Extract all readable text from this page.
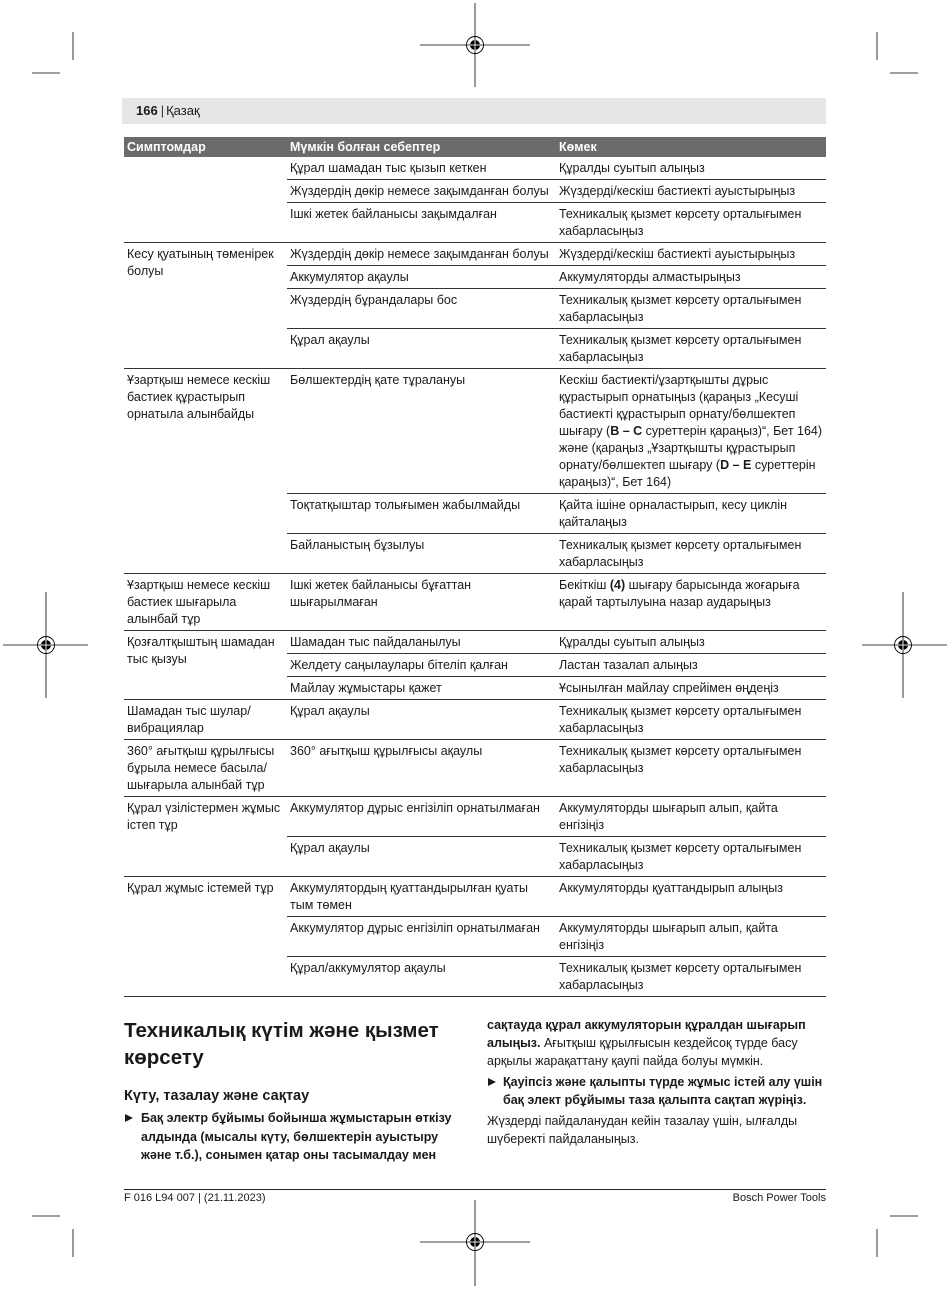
166 | Қазақ
Симптомдар	Мүмкін болған себептер	Көмек
	Құрал шамадан тыс қызып кеткен	Құралды суытып алыңыз
	Жүздердің дөкір немесе зақымданған болуы	Жүздерді/кескіш бастиекті ауыстырыңыз
	Ішкі жетек байланысы зақымдалған	Техникалық қызмет көрсету орталығымен хабарласыңыз
Кесу қуатының төменірек болуы	Жүздердің дөкір немесе зақымданған болуы	Жүздерді/кескіш бастиекті ауыстырыңыз
	Аккумулятор ақаулы	Аккумуляторды алмастырыңыз
	Жүздердің бұрандалары бос	Техникалық қызмет көрсету орталығымен хабарласыңыз
	Құрал ақаулы	Техникалық қызмет көрсету орталығымен хабарласыңыз
Ұзартқыш немесе кескіш бастиек құрастырып орнатыла алынбайды	Бөлшектердің қате тұралануы	Кескіш бастиекті/ұзартқышты дұрыс құрастырып орнатыңыз (қараңыз „Кесуші бастиекті құрастырып орнату/бөлшектеп шығару (B – C суреттерін қараңыз)“, Бет 164) және (қараңыз „Ұзартқышты құрастырып орнату/бөлшектеп шығару (D – E суреттерін қараңыз)“, Бет 164)
	Тоқтатқыштар толығымен жабылмайды	Қайта ішіне орналастырып, кесу циклін қайталаңыз
	Байланыстың бұзылуы	Техникалық қызмет көрсету орталығымен хабарласыңыз
Ұзартқыш немесе кескіш бастиек шығарыла алынбай тұр	Ішкі жетек байланысы бұғаттан шығарылмаған	Бекіткіш (4) шығару барысында жоғарыға қарай тартылуына назар аударыңыз
Қозғалтқыштың шамадан тыс қызуы	Шамадан тыс пайдаланылуы	Құралды суытып алыңыз
	Желдету саңылаулары бітеліп қалған	Ластан тазалап алыңыз
	Майлау жұмыстары қажет	Ұсынылған майлау спрейімен өңдеңіз
Шамадан тыс шулар/вибрациялар	Құрал ақаулы	Техникалық қызмет көрсету орталығымен хабарласыңыз
360° ағытқыш құрылғысы бұрыла немесе басыла/шығарыла алынбай тұр	360° ағытқыш құрылғысы ақаулы	Техникалық қызмет көрсету орталығымен хабарласыңыз
Құрал үзілістермен жұмыс істеп тұр	Аккумулятор дұрыс енгізіліп орнатылмаған	Аккумуляторды шығарып алып, қайта енгізіңіз
	Құрал ақаулы	Техникалық қызмет көрсету орталығымен хабарласыңыз
Құрал жұмыс істемей тұр	Аккумулятордың қуаттандырылған қуаты тым төмен	Аккумуляторды қуаттандырып алыңыз
	Аккумулятор дұрыс енгізіліп орнатылмаған	Аккумуляторды шығарып алып, қайта енгізіңіз
	Құрал/аккумулятор ақаулы	Техникалық қызмет көрсету орталығымен хабарласыңыз
Техникалық күтім және қызмет көрсету
Күту, тазалау және сақтау

Бақ электр бұйымы бойынша жұмыстарын өткізу алдында (мысалы күту, бөлшектерін ауыстыру және т.б.), сонымен қатар оны тасымалдау мен

сақтауда құрал аккумуляторын құралдан шығарып алыңыз. Ағытқыш құрылғысын кездейсоқ түрде басу арқылы жарақаттану қаупі пайда болуы мүмкін.

Қауіпсіз және қалыпты түрде жұмыс істей алу үшін бақ элект рбұйымы таза қалыпта сақтап жүріңіз.

Жүздерді пайдаланудан кейін тазалау үшін, ылғалды шүберекті пайдаланыңыз.

F 016 L94 007 | (21.11.2023)	Bosch Power Tools
